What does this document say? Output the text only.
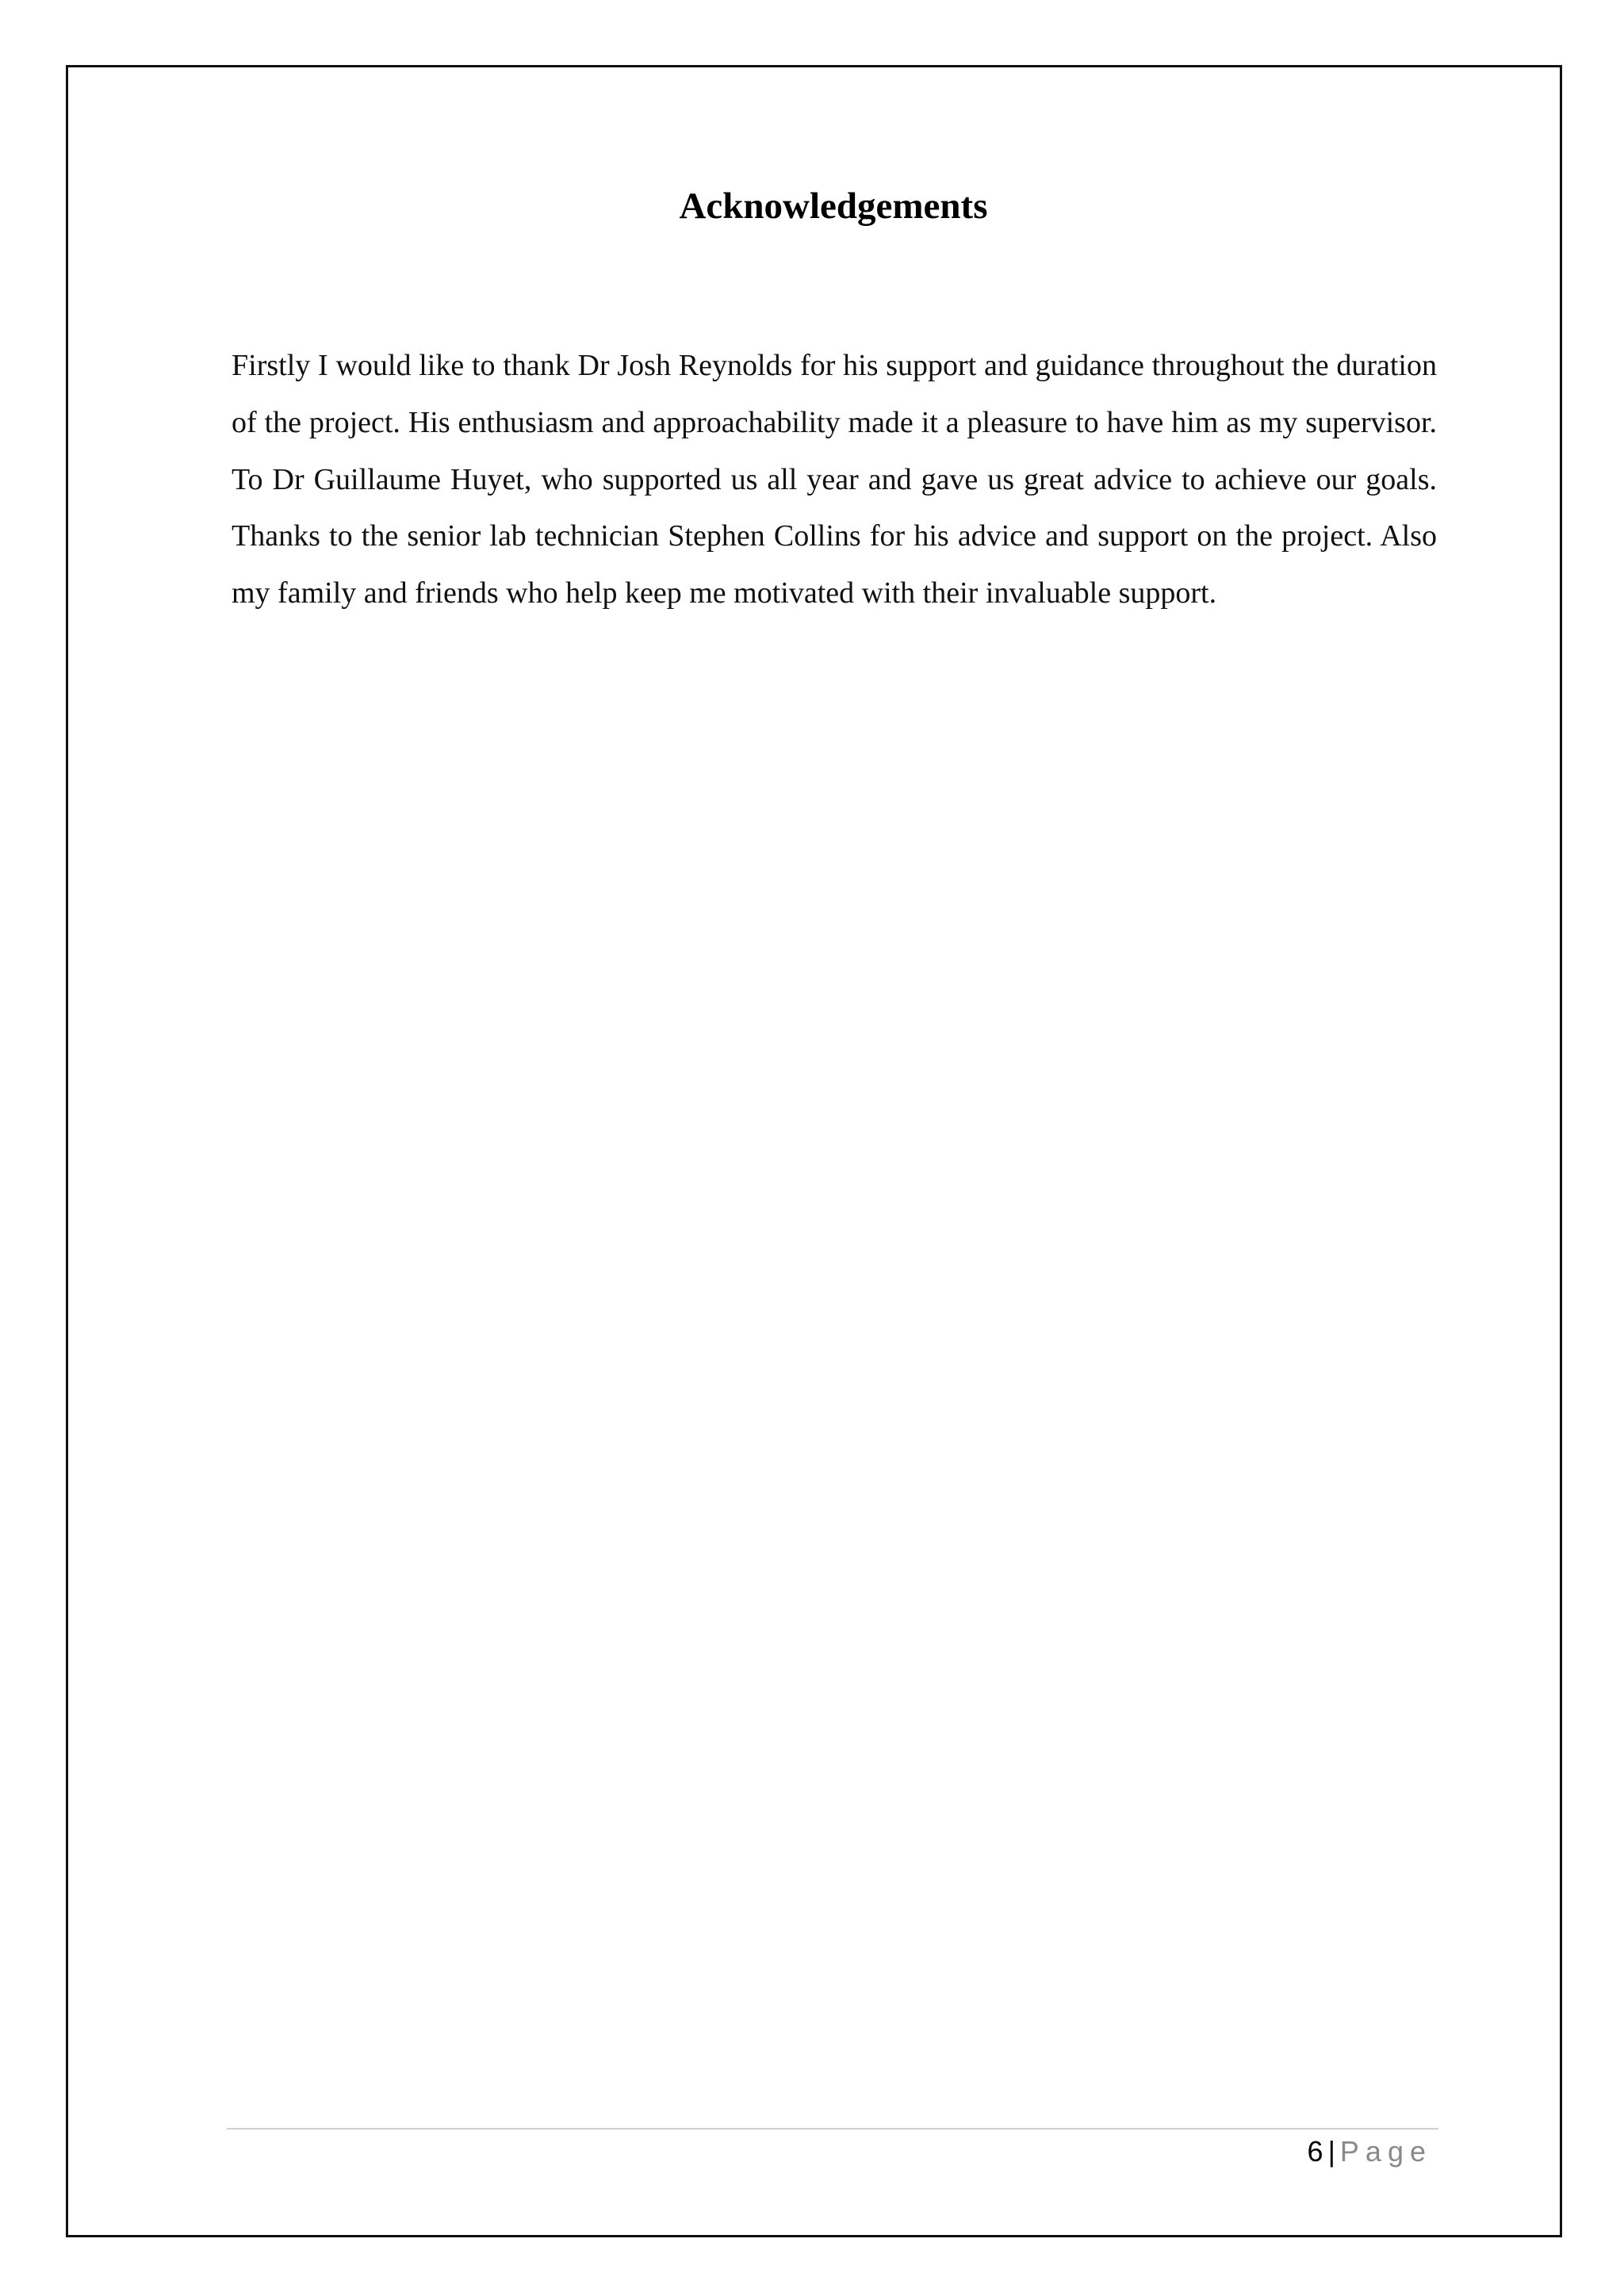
Acknowledgements

Firstly I would like to thank Dr Josh Reynolds for his support and guidance throughout the duration of the project. His enthusiasm and approachability made it a pleasure to have him as my supervisor. To Dr Guillaume Huyet, who supported us all year and gave us great advice to achieve our goals. Thanks to the senior lab technician Stephen Collins for his advice and support on the project. Also my family and friends who help keep me motivated with their invaluable support.

6 | Page
